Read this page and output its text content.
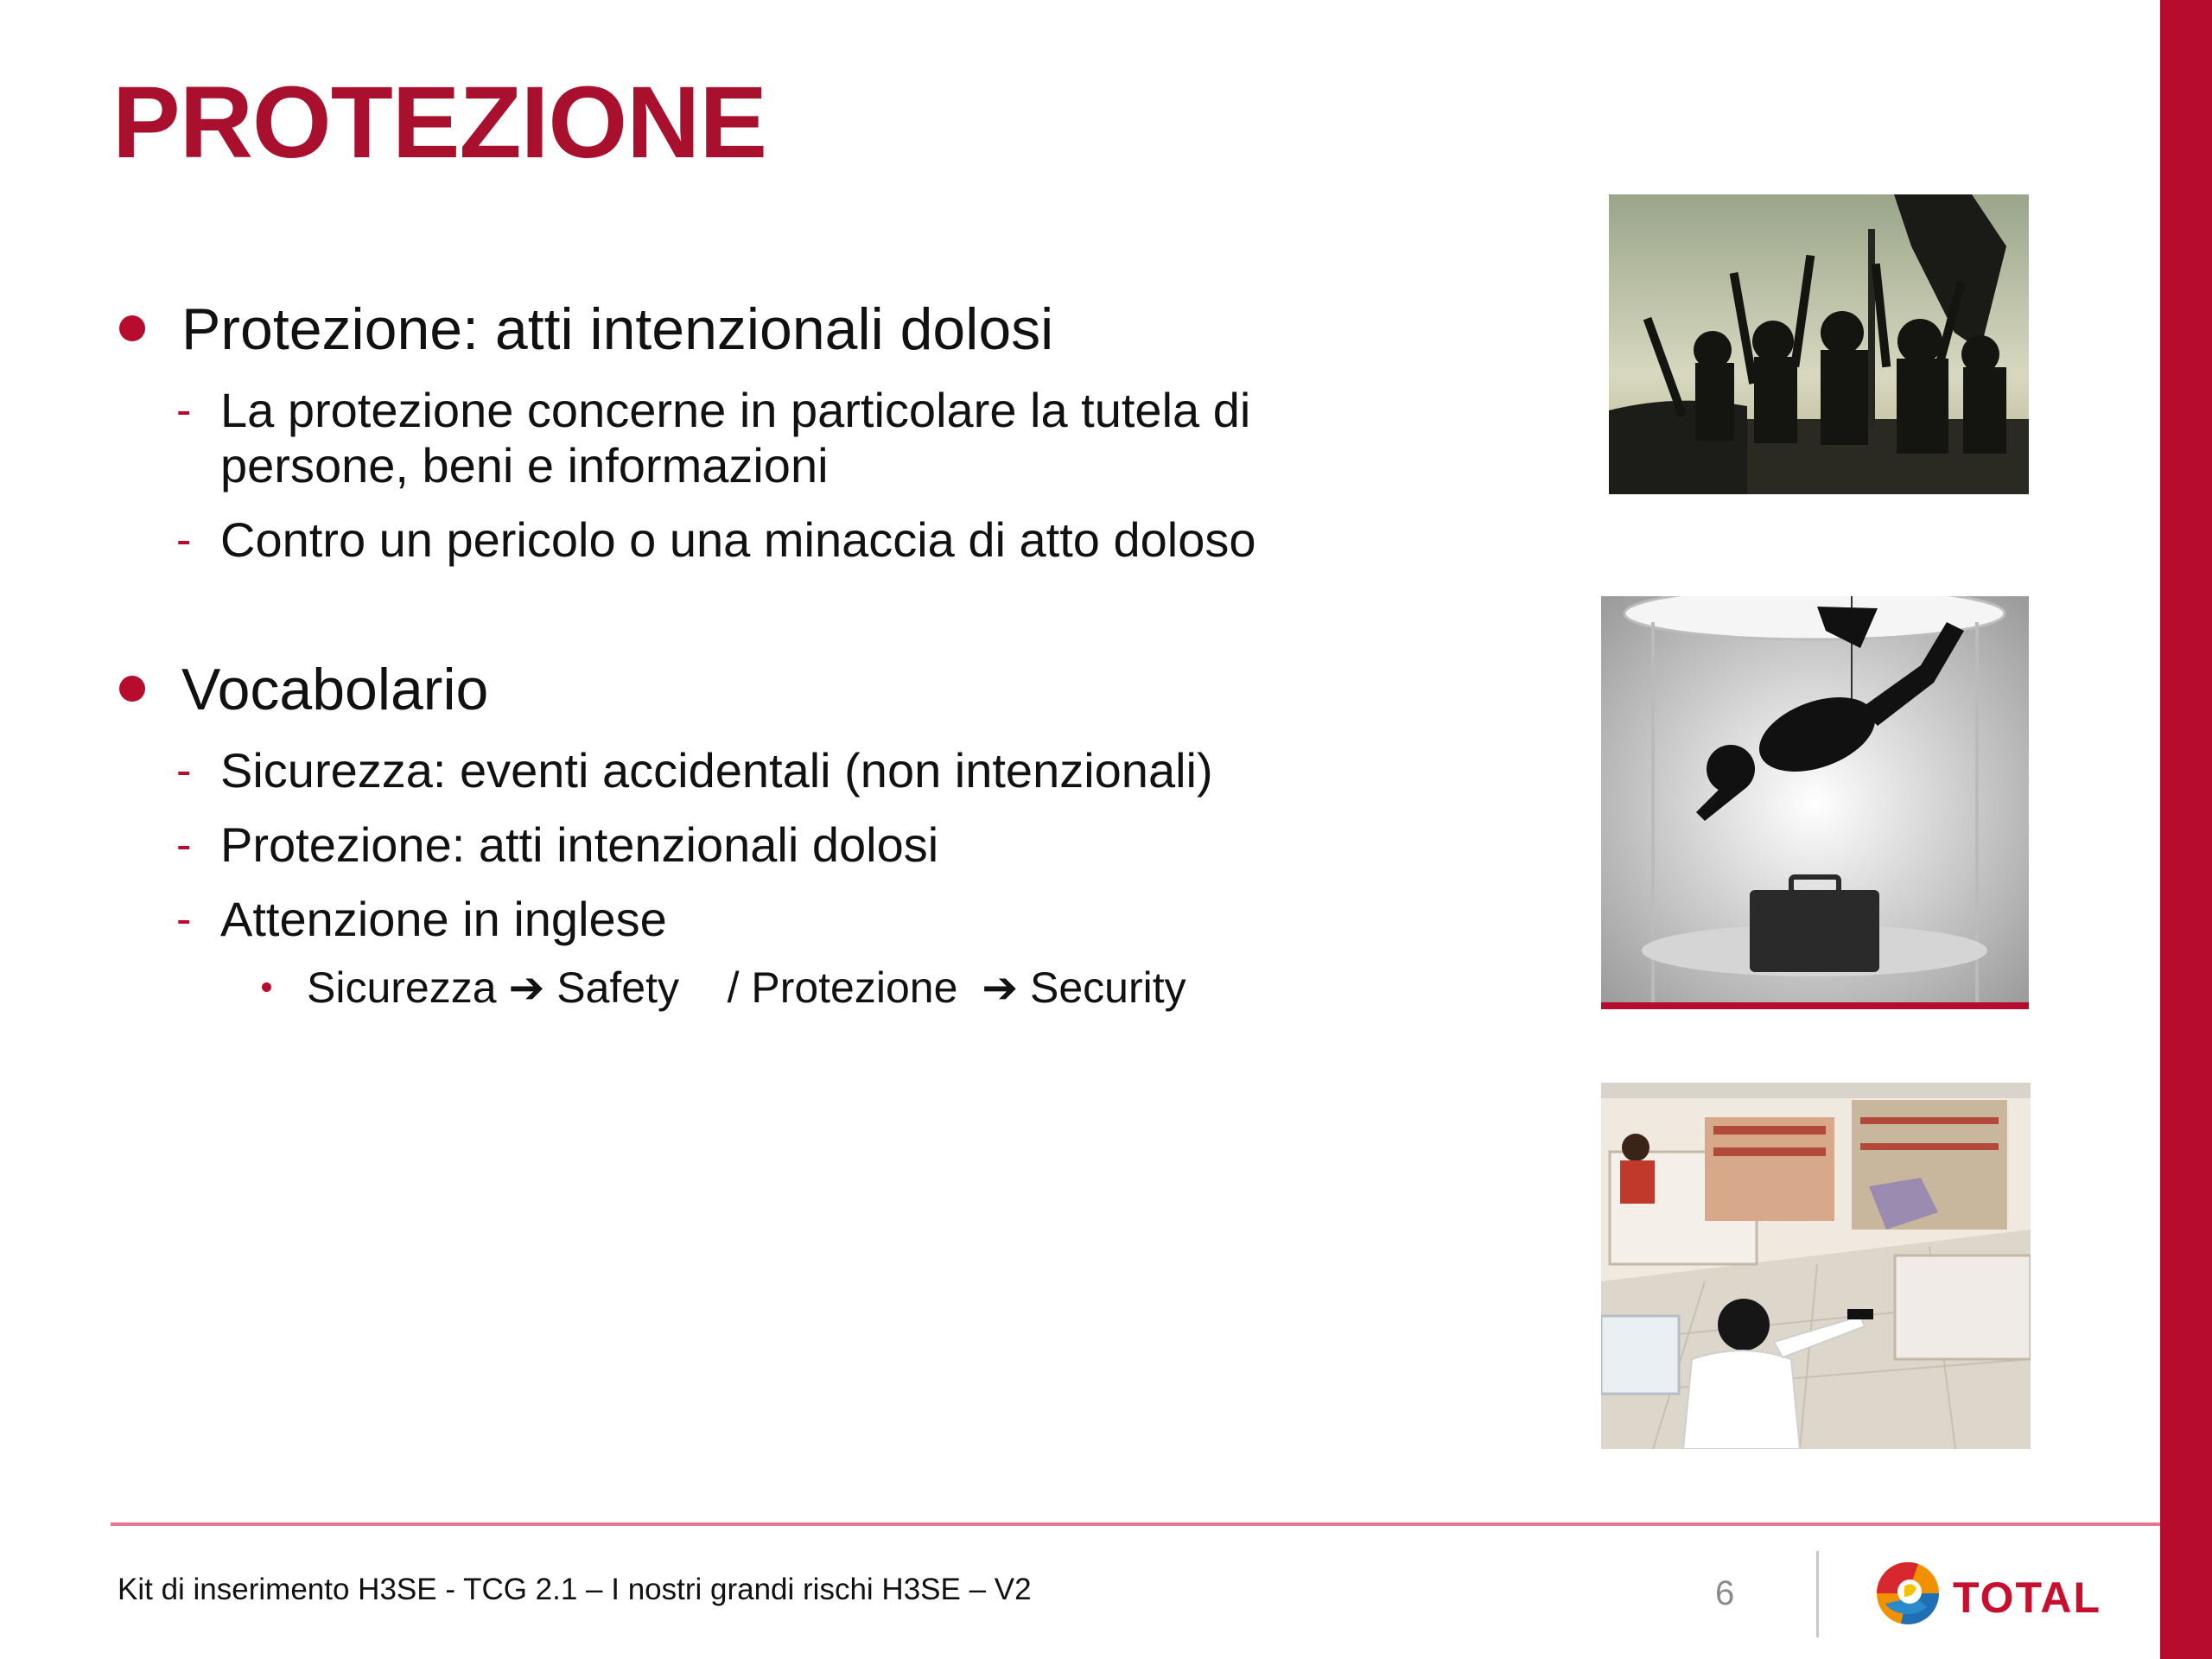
PROTEZIONE
Protezione: atti intenzionali dolosi
- La protezione concerne in particolare la tutela di persone, beni e informazioni
- Contro un pericolo o una minaccia di atto doloso
Vocabolario
- Sicurezza: eventi accidentali (non intenzionali)
- Protezione: atti intenzionali dolosi
- Attenzione in inglese
Sicurezza ➔ Safety / Protezione ➔ Security
Kit di inserimento H3SE - TCG 2.1 – I nostri grandi rischi H3SE – V2	6	TOTAL
